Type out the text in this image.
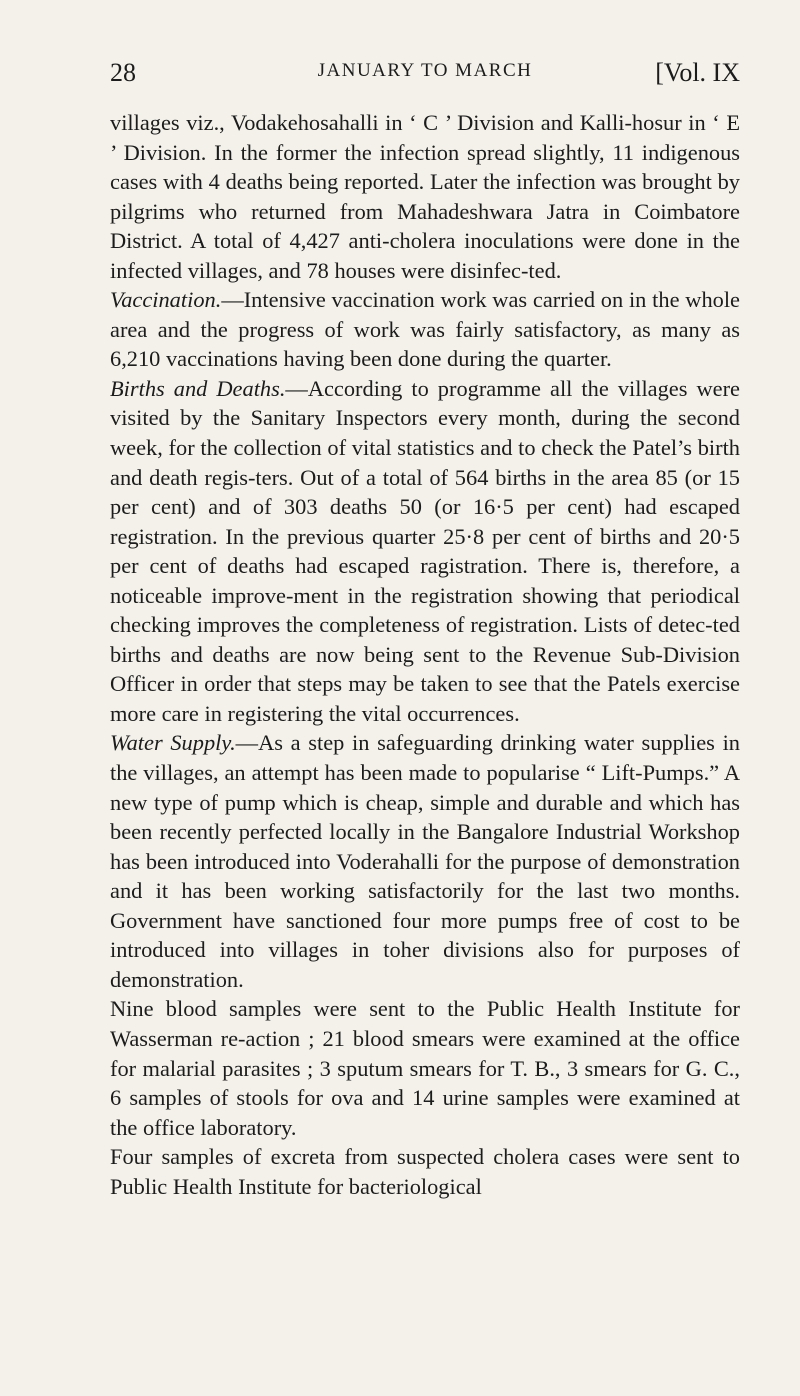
28	JANUARY TO MARCH	[Vol. IX

villages viz., Vodakehosahalli in ‘ C ’ Division and Kalli-hosur in ‘ E ’ Division. In the former the infection spread slightly, 11 indigenous cases with 4 deaths being reported. Later the infection was brought by pilgrims who returned from Mahadeshwara Jatra in Coimbatore District. A total of 4,427 anti-cholera inoculations were done in the infected villages, and 78 houses were disinfec-ted.

Vaccination.—Intensive vaccination work was carried on in the whole area and the progress of work was fairly satisfactory, as many as 6,210 vaccinations having been done during the quarter.

Births and Deaths.—According to programme all the villages were visited by the Sanitary Inspectors every month, during the second week, for the collection of vital statistics and to check the Patel’s birth and death regis-ters. Out of a total of 564 births in the area 85 (or 15 per cent) and of 303 deaths 50 (or 16·5 per cent) had escaped registration. In the previous quarter 25·8 per cent of births and 20·5 per cent of deaths had escaped ragistration. There is, therefore, a noticeable improve-ment in the registration showing that periodical checking improves the completeness of registration. Lists of detec-ted births and deaths are now being sent to the Revenue Sub-Division Officer in order that steps may be taken to see that the Patels exercise more care in registering the vital occurrences.

Water Supply.—As a step in safeguarding drinking water supplies in the villages, an attempt has been made to popularise “ Lift-Pumps.” A new type of pump which is cheap, simple and durable and which has been recently perfected locally in the Bangalore Industrial Workshop has been introduced into Voderahalli for the purpose of demonstration and it has been working satisfactorily for the last two months. Government have sanctioned four more pumps free of cost to be introduced into villages in toher divisions also for purposes of demonstration.

Nine blood samples were sent to the Public Health Institute for Wasserman re-action ; 21 blood smears were examined at the office for malarial parasites ; 3 sputum smears for T. B., 3 smears for G. C., 6 samples of stools for ova and 14 urine samples were examined at the office laboratory.

Four samples of excreta from suspected cholera cases were sent to Public Health Institute for bacteriological
